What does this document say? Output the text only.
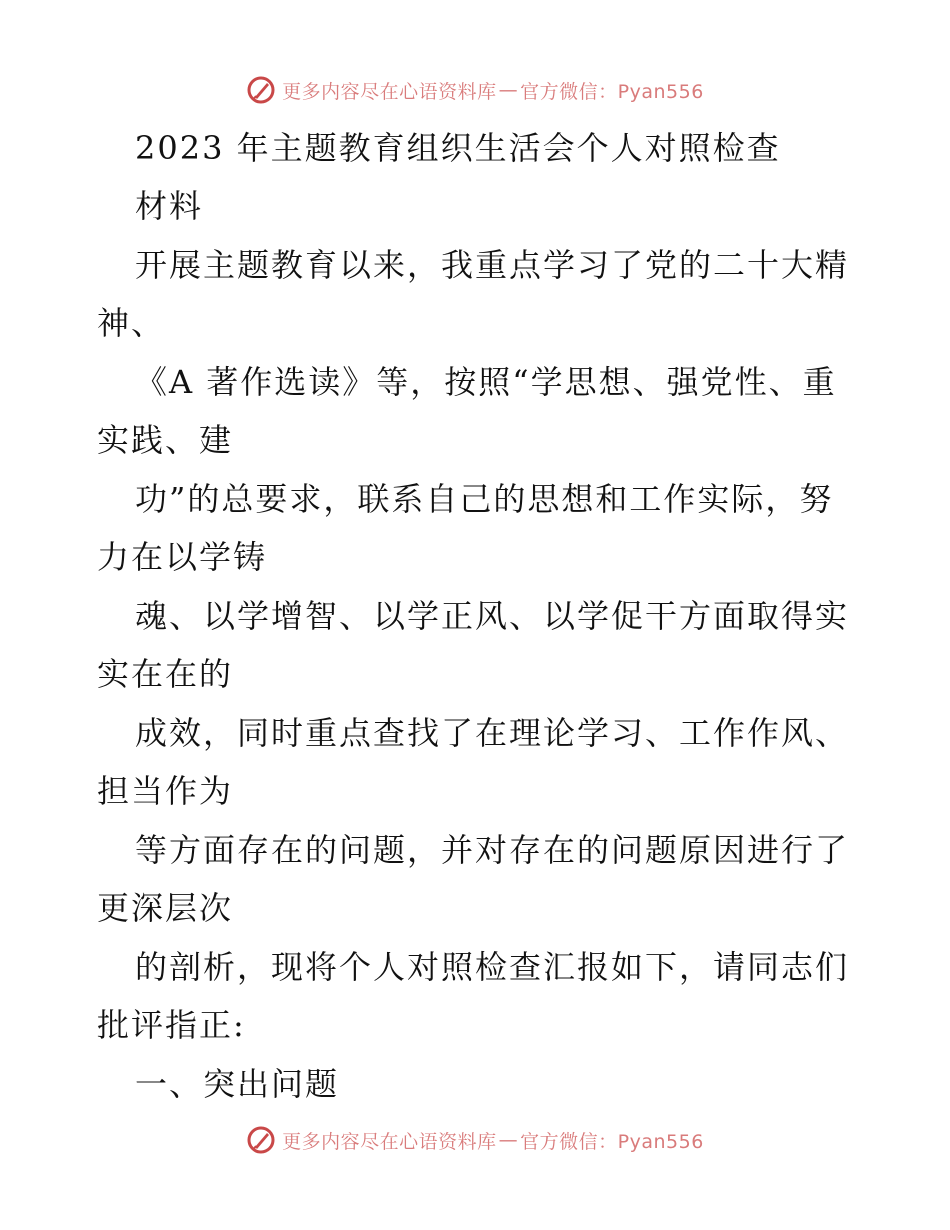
更多内容尽在心语资料库 — 官方微信：Pyan556
2023 年主题教育组织生活会个人对照检查
材料
开展主题教育以来，我重点学习了党的二十大精
神、
《A 著作选读》等，按照“学思想、强党性、重
实践、建
功”的总要求，联系自己的思想和工作实际，努
力在以学铸
魂、以学增智、以学正风、以学促干方面取得实
实在在的
成效，同时重点查找了在理论学习、工作作风、
担当作为
等方面存在的问题，并对存在的问题原因进行了
更深层次
的剖析，现将个人对照检查汇报如下，请同志们
批评指正:
一、突出问题
更多内容尽在心语资料库 — 官方微信：Pyan556
